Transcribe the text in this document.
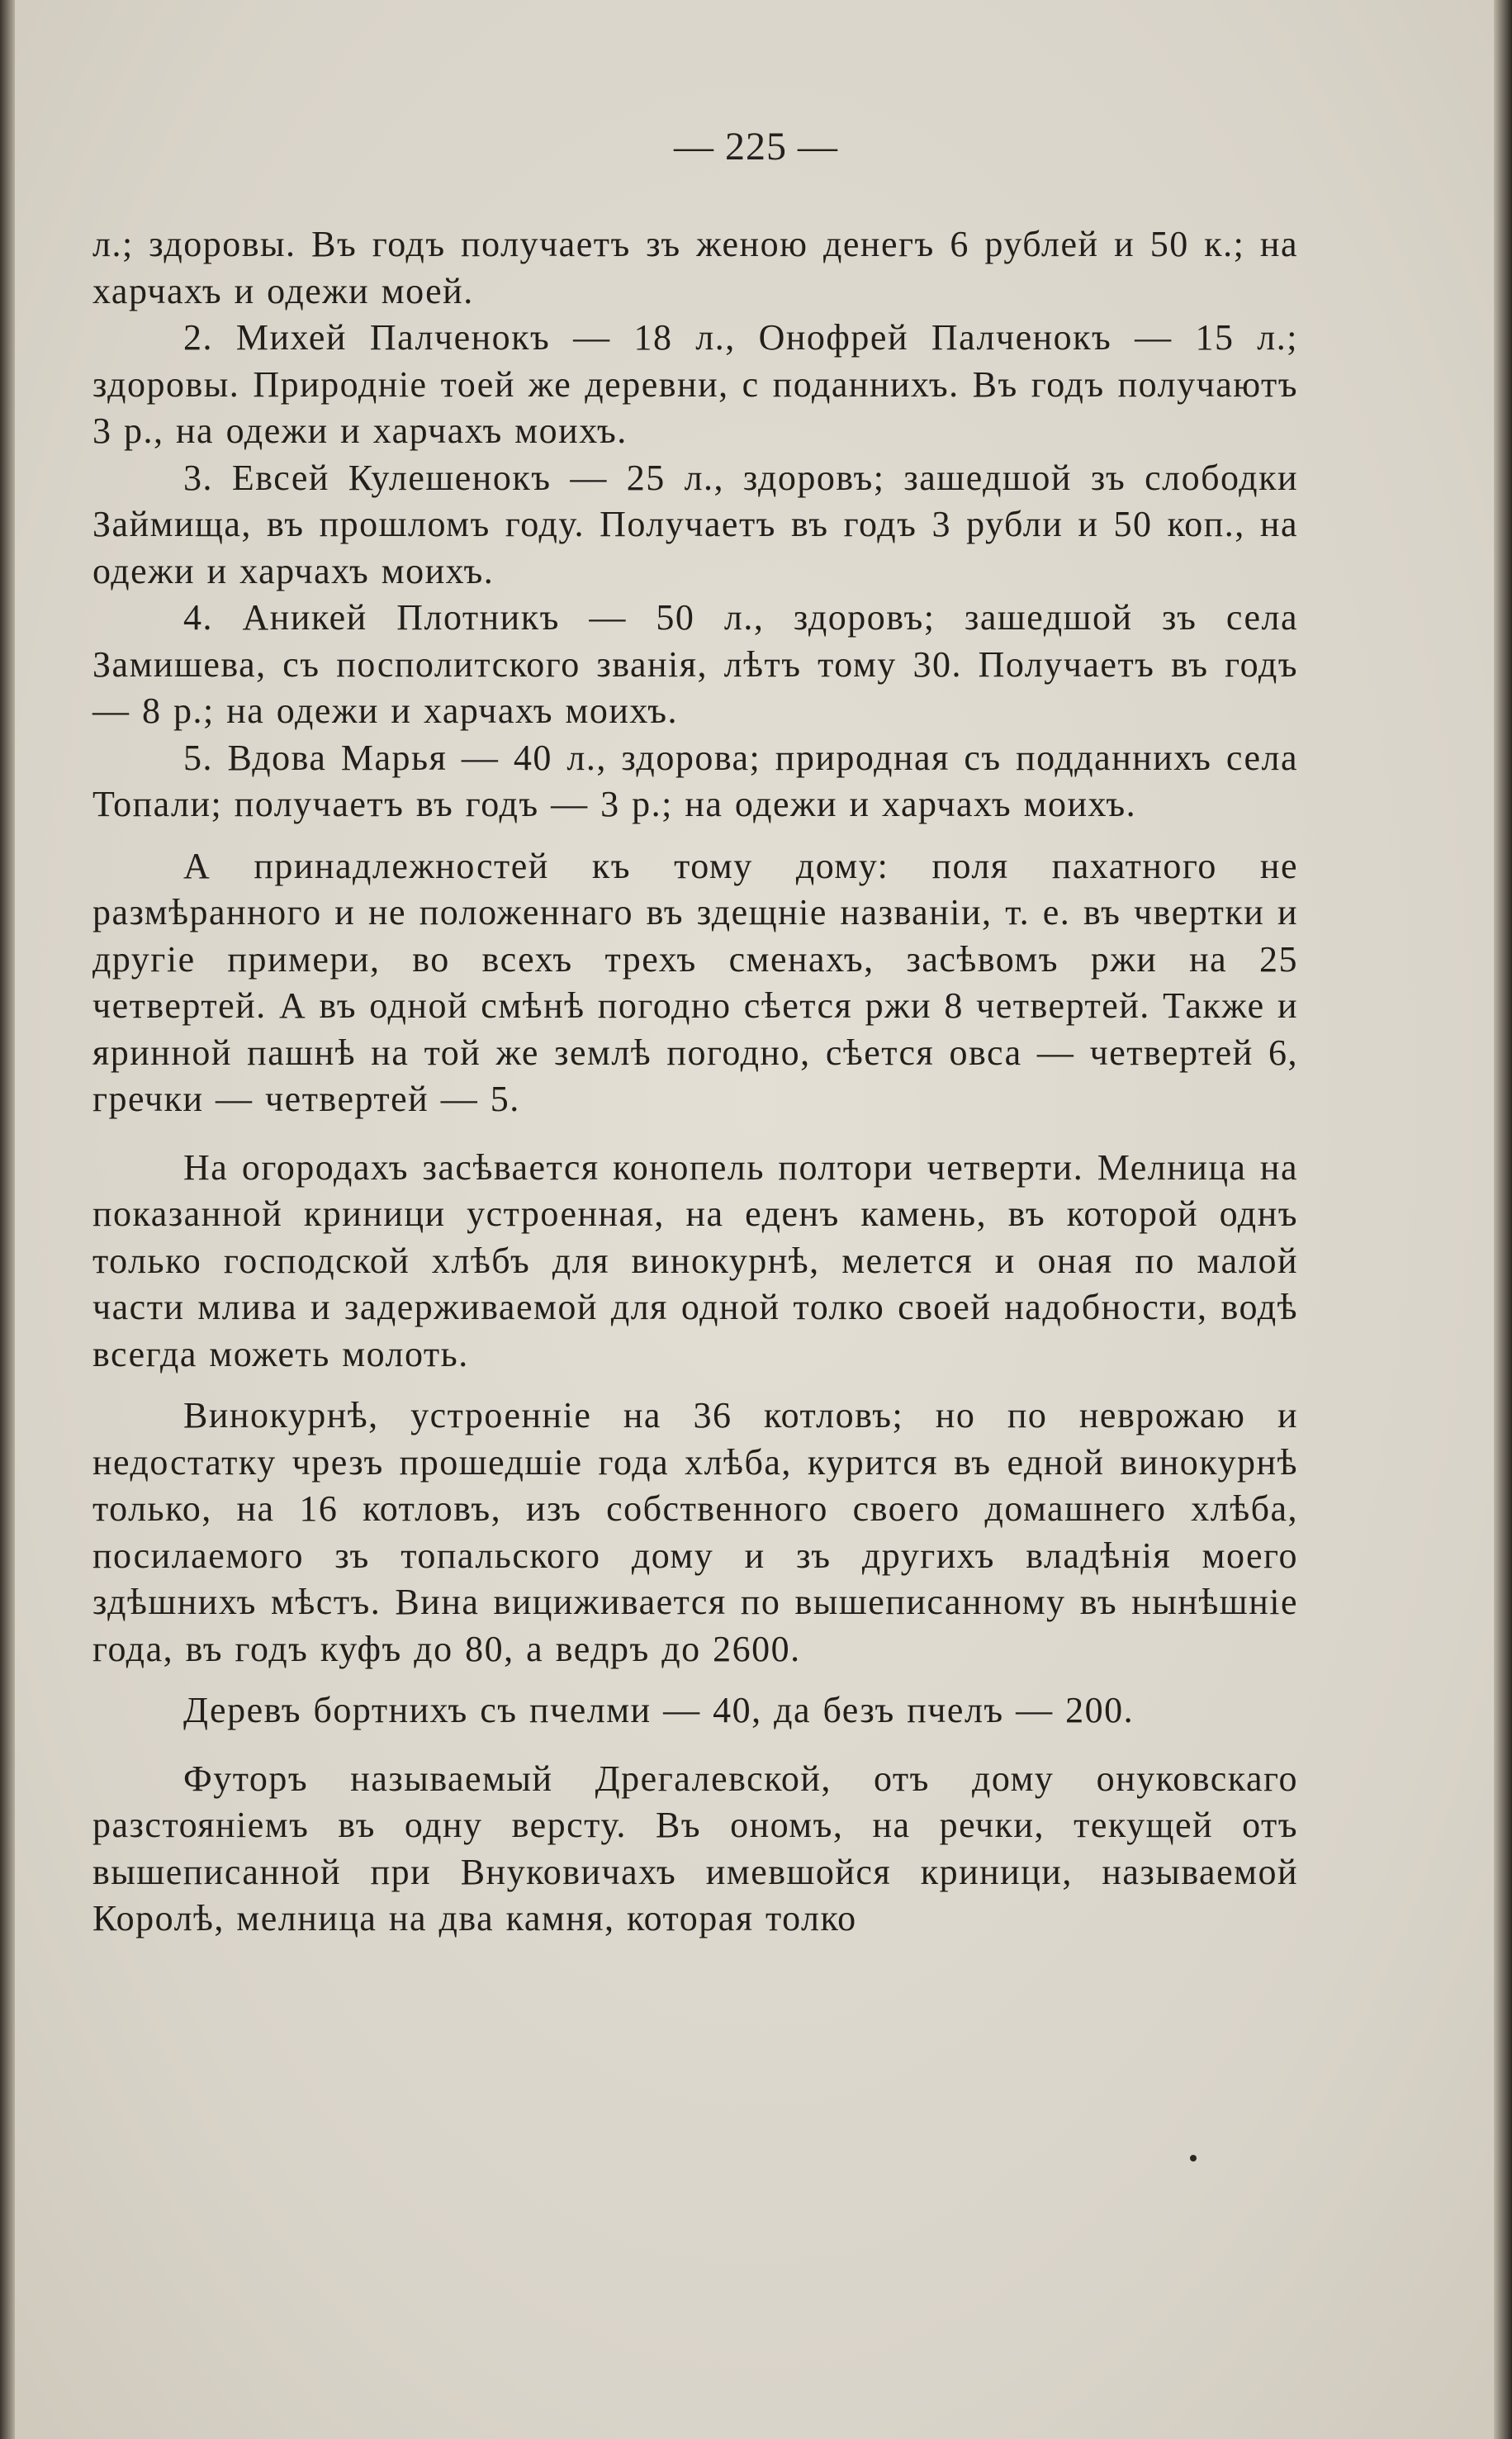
— 225 —

л.; здоровы. Въ годъ получаетъ зъ женою денегъ 6 рублей и 50 к.; на харчахъ и одежи моей.

2. Михей Палченокъ — 18 л., Онофрей Палченокъ — 15 л.; здоровы. Природніе тоей же деревни, с поданнихъ. Въ годъ получаютъ 3 р., на одежи и харчахъ моихъ.

3. Евсей Кулешенокъ — 25 л., здоровъ; зашедшой зъ слободки Займища, въ прошломъ году. Получаетъ въ годъ 3 рубли и 50 коп., на одежи и харчахъ моихъ.

4. Аникей Плотникъ — 50 л., здоровъ; зашедшой зъ села Замишева, съ посполитского званія, лѣтъ тому 30. Получаетъ въ годъ — 8 р.; на одежи и харчахъ моихъ.

5. Вдова Марья — 40 л., здорова; природная съ подданнихъ села Топали; получаетъ въ годъ — 3 р.; на одежи и харчахъ моихъ.

А принадлежностей къ тому дому: поля пахатного не размѣранного и не положеннаго въ здещніе названіи, т. е. въ чвертки и другіе примери, во всехъ трехъ сменахъ, засѣвомъ ржи на 25 четвертей. А въ одной смѣнѣ погодно сѣется ржи 8 четвертей. Также и яринной пашнѣ на той же землѣ погодно, сѣется овса — четвертей 6, гречки — четвертей — 5.

На огородахъ засѣвается конопель полтори четверти. Мелница на показанной криници устроенная, на еденъ камень, въ которой однъ только господской хлѣбъ для винокурнѣ, мелется и оная по малой части млива и задерживаемой для одной толко своей надобности, водѣ всегда можеть молоть.

Винокурнѣ, устроенніе на 36 котловъ; но по неврожаю и недостатку чрезъ прошедшіе года хлѣба, курится въ едной винокурнѣ только, на 16 котловъ, изъ собственного своего домашнего хлѣба, посилаемого зъ топальского дому и зъ другихъ владѣнія моего здѣшнихъ мѣстъ. Вина вициживается по вышеписанному въ нынѣшніе года, въ годъ куфъ до 80, а ведръ до 2600.

Деревъ бортнихъ съ пчелми — 40, да безъ пчелъ — 200.

Футоръ называемый Дрегалевской, отъ дому онуковскаго разстояніемъ въ одну версту. Въ ономъ, на речки, текущей отъ вышеписанной при Внуковичахъ имевшойся криници, называемой Королѣ, мелница на два камня, которая толко
